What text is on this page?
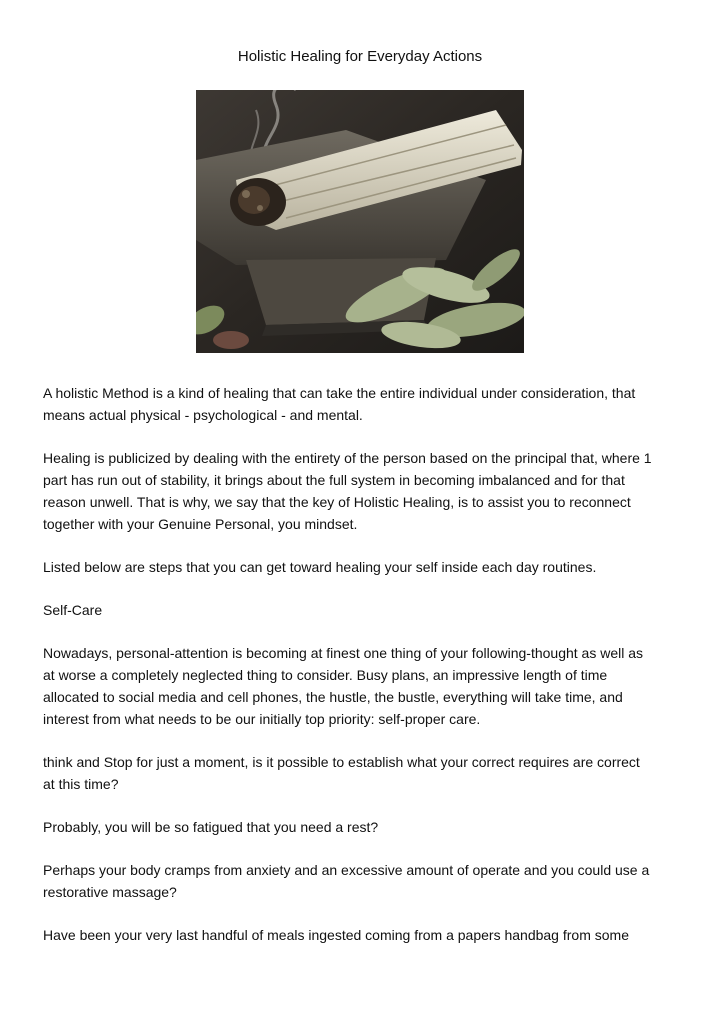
Holistic Healing for Everyday Actions

A holistic Method is a kind of healing that can take the entire individual under consideration, that
means actual physical - psychological - and mental.

Healing is publicized by dealing with the entirety of the person based on the principal that, where 1
part has run out of stability, it brings about the full system in becoming imbalanced and for that
reason unwell. That is why, we say that the key of Holistic Healing, is to assist you to reconnect
together with your Genuine Personal, you mindset.

Listed below are steps that you can get toward healing your self inside each day routines.

Self-Care

Nowadays, personal-attention is becoming at finest one thing of your following-thought as well as
at worse a completely neglected thing to consider. Busy plans, an impressive length of time
allocated to social media and cell phones, the hustle, the bustle, everything will take time, and
interest from what needs to be our initially top priority: self-proper care.

think and Stop for just a moment, is it possible to establish what your correct requires are correct
at this time?

Probably, you will be so fatigued that you need a rest?

Perhaps your body cramps from anxiety and an excessive amount of operate and you could use a
restorative massage?

Have been your very last handful of meals ingested coming from a papers handbag from some
